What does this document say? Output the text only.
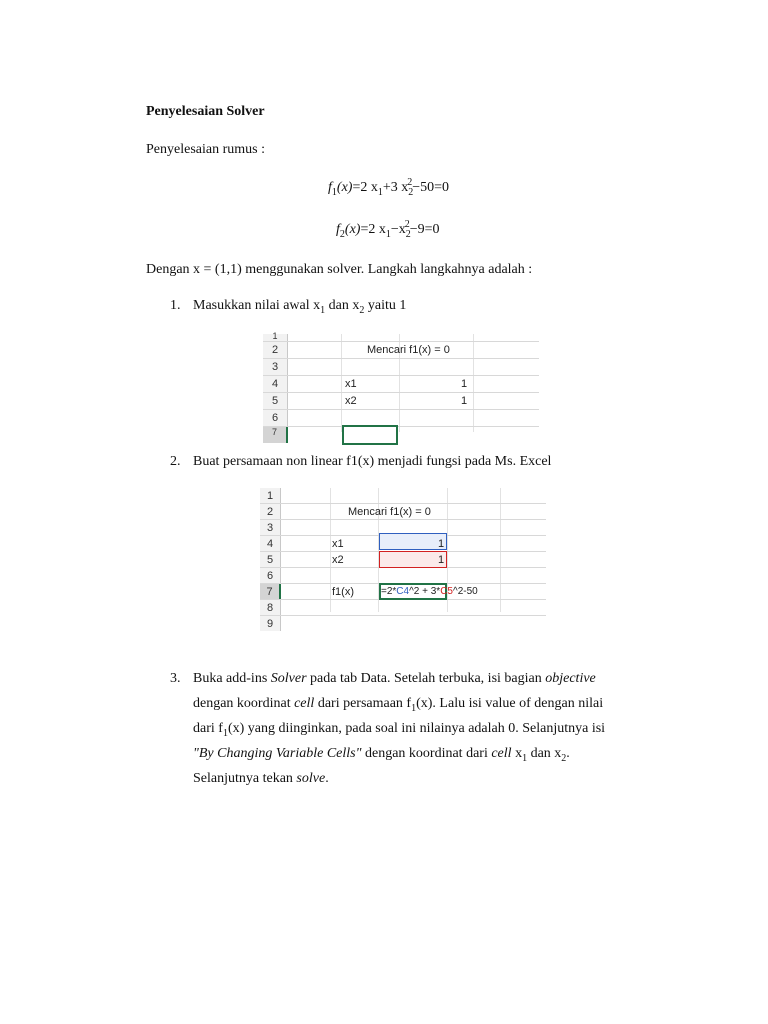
Penyelesaian Solver
Penyelesaian rumus :
$f_1(x)=2$ $x_1+3$ $x_2^2-50=0$
$f_2(x)=2$ $x_1-x_2^2-9=0$
Dengan x = (1,1) menggunakan solver. Langkah langkahnya adalah :
1. Masukkan nilai awal $x_1$ dan $x_2$ yaitu 1
1
2	Mencari f1(x) = 0
3
4	x1	1
5	x2	1
6
7
2. Buat persamaan non linear f1(x) menjadi fungsi pada Ms. Excel
1
2	Mencari f1(x) = 0
3
4	x1	1
5	x2	1
6
7	f1(x)	=2* C4 ^2 + 3* C5 ^2-50
8
9
3. Buka add-ins Solver pada tab Data. Setelah terbuka, isi bagian objective
dengan koordinat cell dari persamaan $f_1(x)$. Lalu isi value of dengan nilai
dari $f_1(x)$ yang diinginkan, pada soal ini nilainya adalah 0. Selanjutnya isi
"By Changing Variable Cells" dengan koordinat dari cell $x_1$ dan $x_2$.
Selanjutnya tekan solve.
